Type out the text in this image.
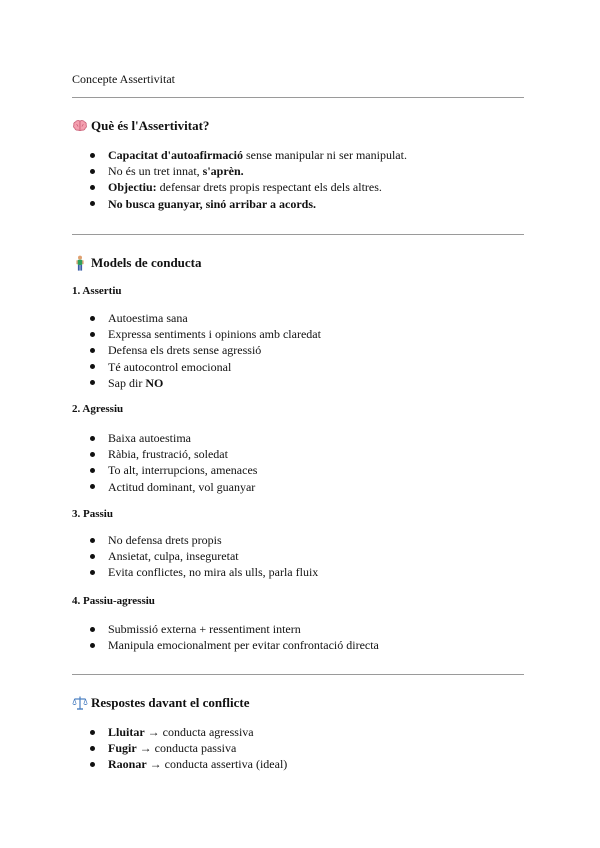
Concepte Assertivitat
Què és l'Assertivitat?
Capacitat d'autoafirmació sense manipular ni ser manipulat.
No és un tret innat, s'aprèn.
Objectiu: defensar drets propis respectant els dels altres.
No busca guanyar, sinó arribar a acords.
Models de conducta
1. Assertiu
Autoestima sana
Expressa sentiments i opinions amb claredat
Defensa els drets sense agressió
Té autocontrol emocional
Sap dir NO
2. Agressiu
Baixa autoestima
Ràbia, frustració, soledat
To alt, interrupcions, amenaces
Actitud dominant, vol guanyar
3. Passiu
No defensa drets propis
Ansietat, culpa, inseguretat
Evita conflictes, no mira als ulls, parla fluix
4. Passiu-agressiu
Submissió externa + ressentiment intern
Manipula emocionalment per evitar confrontació directa
Respostes davant el conflicte
Lluitar → conducta agressiva
Fugir → conducta passiva
Raonar → conducta assertiva (ideal)
